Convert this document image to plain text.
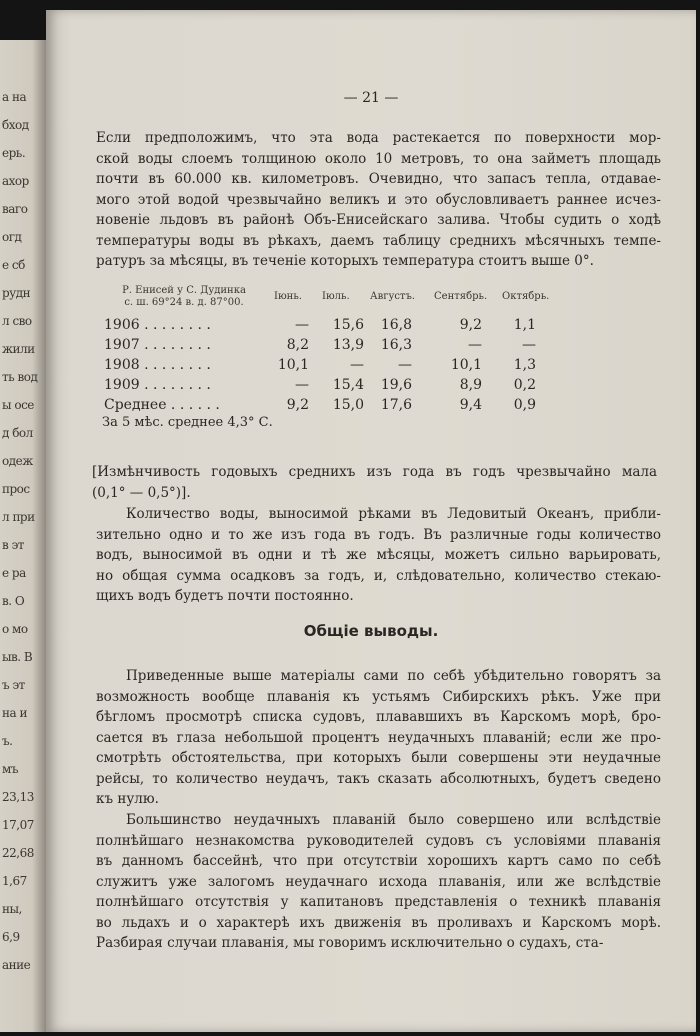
а на
бход
ерь.
ахор
ваго
огд
е сб
рудн
л сво
жили
ть вод
ы осе
д бол
одеж
прос
л при
в эт
е ра
в. О
о мо
ыв. В
ъ эт
на и
ъ.
мъ
23,13
17,07
22,68
1,67
ны,
6,9
ание
— 21 —

Если предположимъ, что эта вода растекается по поверхности мор-
ской воды слоемъ толщиною около 10 метровъ, то она займетъ площадь
почти въ 60.000 кв. километровъ. Очевидно, что запасъ тепла, отдавае-
мого этой водой чрезвычайно великъ и это обусловливаетъ раннее исчез-
новеніе льдовъ въ районѣ Объ-Енисейскаго залива. Чтобы судить о ходѣ
температуры воды въ рѣкахъ, даемъ таблицу среднихъ мѣсячныхъ темпе-
ратуръ за мѣсяцы, въ теченіе которыхъ температура стоитъ выше 0°.

Р. Енисей у С. Дудинка
с. ш. 69°24 в. д. 87°00.
Іюнь. Іюль. Августъ. Сентябрь. Октябрь.
1906 . . . . . . . .	— 15,6 16,8	9,2 1,1
1907 . . . . . . . .	8,2 13,9 16,3	—	—
1908 . . . . . . . .	10,1	— —	10,1 1,3
1909 . . . . . . . .	— 15,4 19,6	8,9 0,2
Среднее . . . . . .	9,2 15,0 17,6	9,4 0,9
За 5 мѣс. среднее 4,3° С.

[Измѣнчивость годовыхъ среднихъ изъ года въ годъ чрезвычайно мала
(0,1° — 0,5°)].

Количество воды, выносимой рѣками въ Ледовитый Океанъ, прибли-
зительно одно и то же изъ года въ годъ. Въ различные годы количество
водъ, выносимой въ одни и тѣ же мѣсяцы, можетъ сильно варьировать,
но общая сумма осадковъ за годъ, и, слѣдовательно, количество стекаю-
щихъ водъ будетъ почти постоянно.

Общіе выводы.

Приведенные выше матеріалы сами по себѣ убѣдительно говорятъ за
возможность вообще плаванія къ устьямъ Сибирскихъ рѣкъ. Уже при
бѣгломъ просмотрѣ списка судовъ, плававшихъ въ Карскомъ морѣ, бро-
сается въ глаза небольшой процентъ неудачныхъ плаваній; если же про-
смотрѣть обстоятельства, при которыхъ были совершены эти неудачные
рейсы, то количество неудачъ, такъ сказать абсолютныхъ, будетъ сведено
къ нулю.

Большинство неудачныхъ плаваній было совершено или вслѣдствіе
полнѣйшаго незнакомства руководителей судовъ съ условіями плаванія
въ данномъ бассейнѣ, что при отсутствіи хорошихъ картъ само по себѣ
служитъ уже залогомъ неудачнаго исхода плаванія, или же вслѣдствіе
полнѣйшаго отсутствія у капитановъ представленія о техникѣ плаванія
во льдахъ и о характерѣ ихъ движенія въ проливахъ и Карскомъ морѣ.
Разбирая случаи плаванія, мы говоримъ исключительно о судахъ, ста-
